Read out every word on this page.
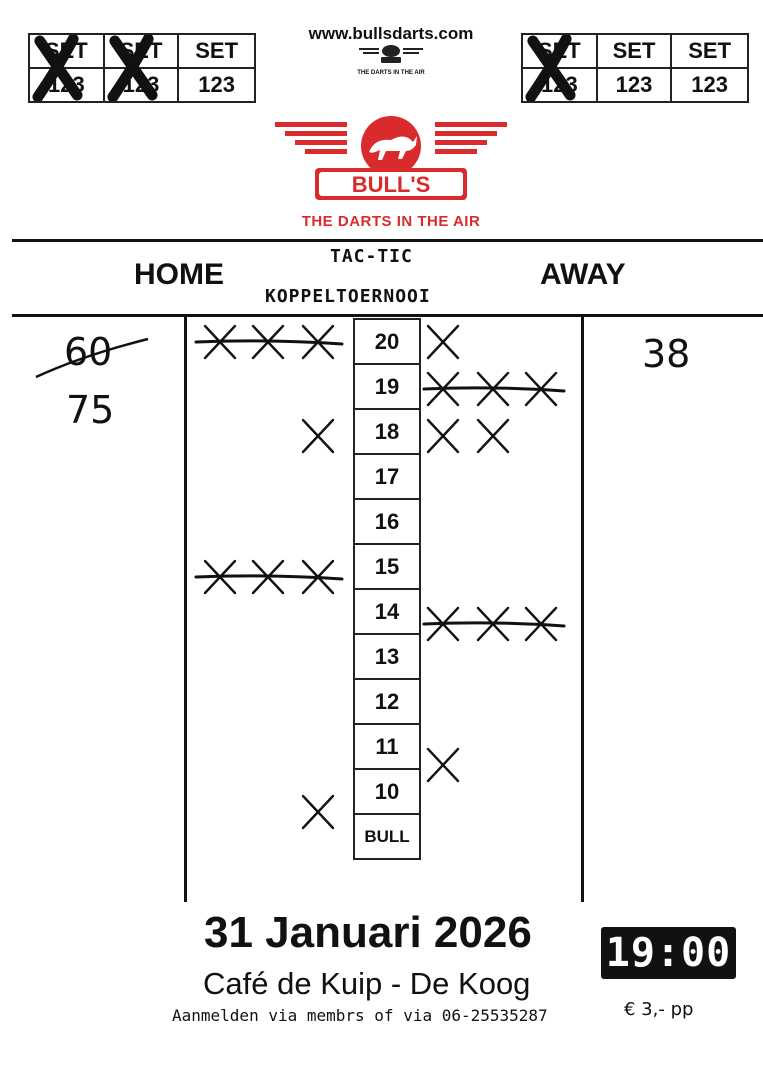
SET
123
SET
123
SET
123
www.bullsdarts.com
THE DARTS IN THE AIR
SET
123
SET
123
SET
123
BULL'S
THE DARTS IN THE AIR
HOME	AWAY
TAC-TIC
KOPPELTOERNOOI
60
75
38
20
19
18
17
16
15
14
13
12
11
10
BULL
31 Januari 2026
Café de Kuip - De Koog
Aanmelden via membrs of via 06-25535287
19:00
€ 3,- pp
